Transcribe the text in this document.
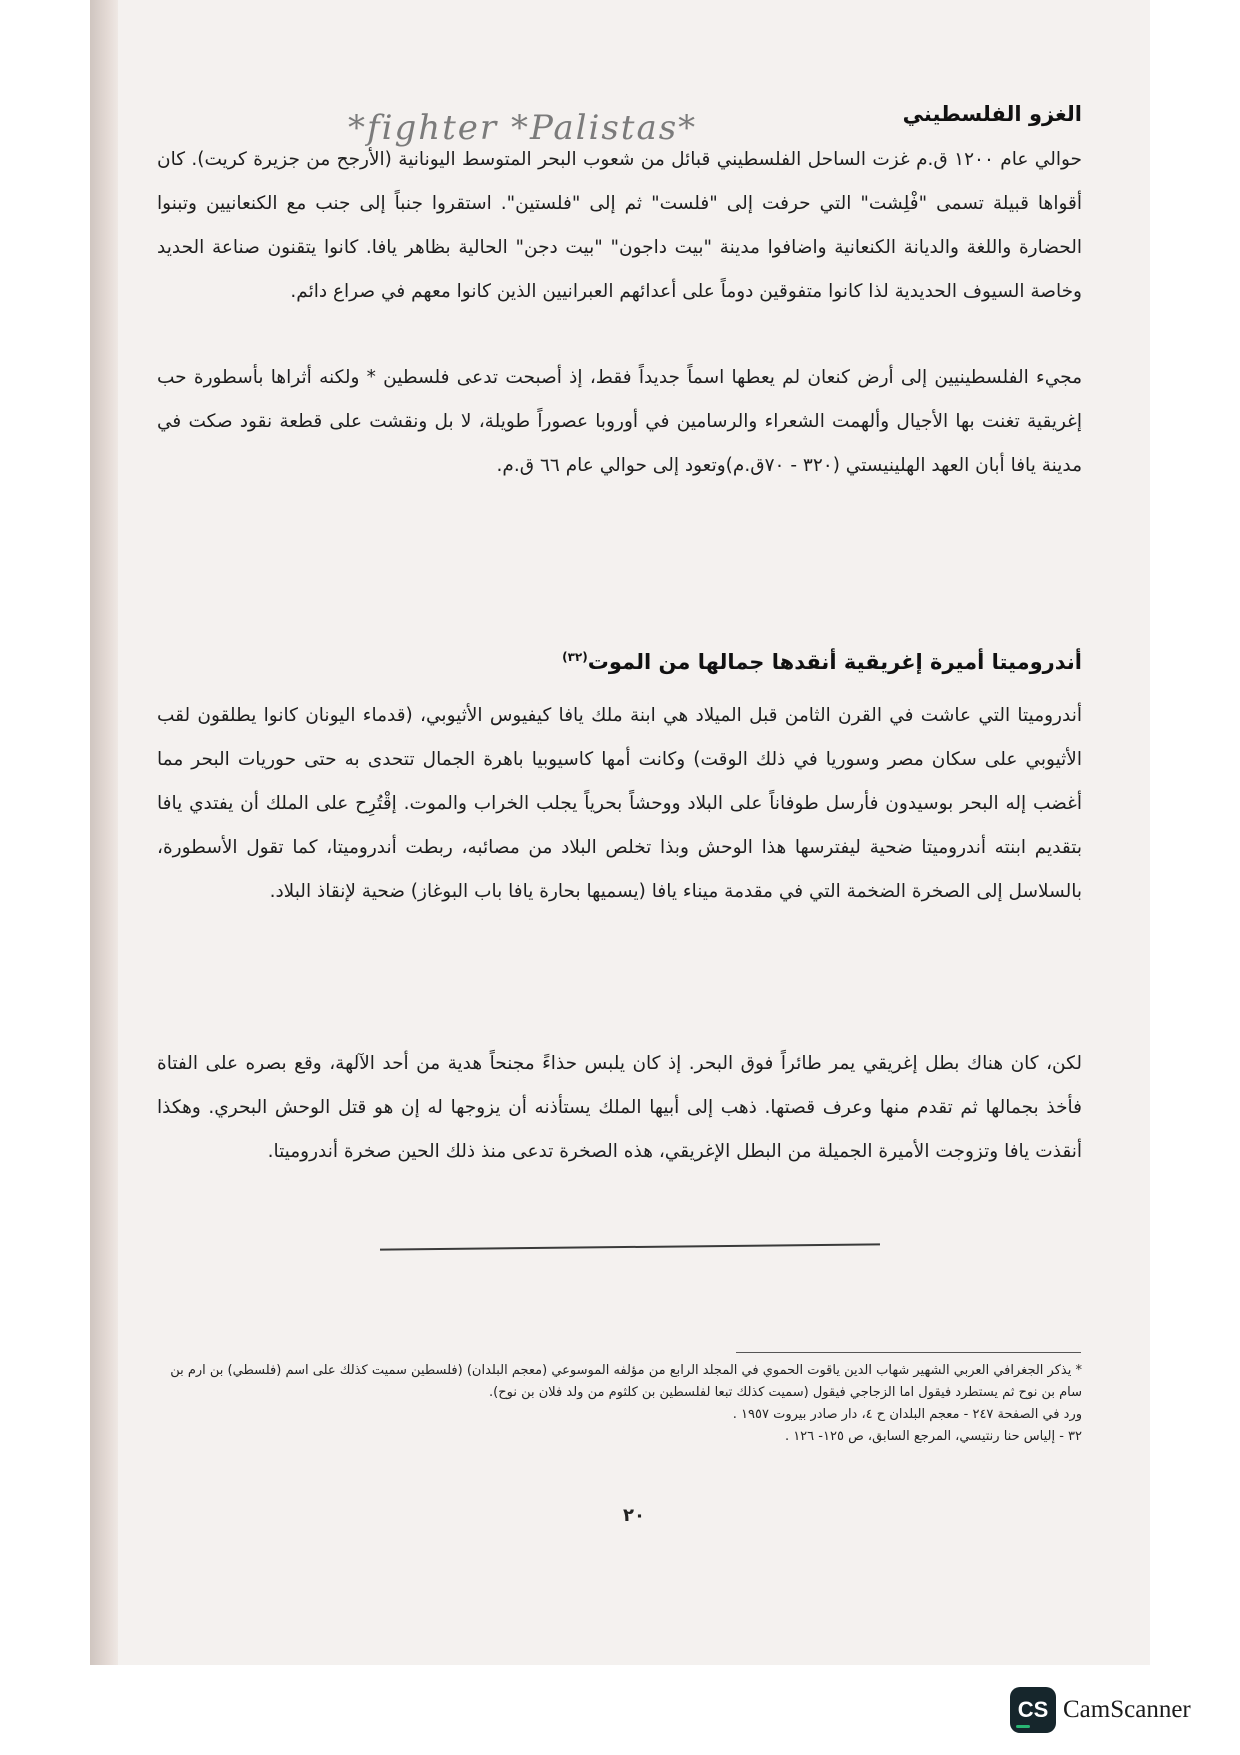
*fighter *Palistas*	الغزو الفلسطيني
حوالي عام ١٢٠٠ ق.م غزت الساحل الفلسطيني قبائل من شعوب البحر المتوسط اليونانية (الأرجح من جزيرة كريت). كان أقواها قبيلة تسمى "فْلِشت" التي حرفت إلى "فلست" ثم إلى "فلستين". استقروا جنباً إلى جنب مع الكنعانيين وتبنوا الحضارة واللغة والديانة الكنعانية واضافوا مدينة "بيت داجون" "بيت دجن" الحالية بظاهر يافا. كانوا يتقنون صناعة الحديد وخاصة السيوف الحديدية لذا كانوا متفوقين دوماً على أعدائهم العبرانيين الذين كانوا معهم في صراع دائم.
مجيء الفلسطينيين إلى أرض كنعان لم يعطها اسماً جديداً فقط، إذ أصبحت تدعى فلسطين * ولكنه أثراها بأسطورة حب إغريقية تغنت بها الأجيال وألهمت الشعراء والرسامين في أوروبا عصوراً طويلة، لا بل ونقشت على قطعة نقود صكت في مدينة يافا أبان العهد الهلينيستي (٣٢٠ - ٧٠ق.م)وتعود إلى حوالي عام ٦٦ ق.م.
أندروميتا أميرة إغريقية أنقدها جمالها من الموت$^{(٣٢)}$
أندروميتا التي عاشت في القرن الثامن قبل الميلاد هي ابنة ملك يافا كيفيوس الأثيوبي، (قدماء اليونان كانوا يطلقون لقب الأثيوبي على سكان مصر وسوريا في ذلك الوقت) وكانت أمها كاسيوبيا باهرة الجمال تتحدى به حتى حوريات البحر مما أغضب إله البحر بوسيدون فأرسل طوفاناً على البلاد ووحشاً بحرياً يجلب الخراب والموت. إقْتُرِح على الملك أن يفتدي يافا بتقديم ابنته أندروميتا ضحية ليفترسها هذا الوحش وبذا تخلص البلاد من مصائبه، ربطت أندروميتا، كما تقول الأسطورة، بالسلاسل إلى الصخرة الضخمة التي في مقدمة ميناء يافا (يسميها بحارة يافا باب البوغاز) ضحية لإنقاذ البلاد.
لكن، كان هناك بطل إغريقي يمر طائراً فوق البحر. إذ كان يلبس حذاءً مجنحاً هدية من أحد الآلهة، وقع بصره على الفتاة فأخذ بجمالها ثم تقدم منها وعرف قصتها. ذهب إلى أبيها الملك يستأذنه أن يزوجها له إن هو قتل الوحش البحري. وهكذا أنقذت يافا وتزوجت الأميرة الجميلة من البطل الإغريقي، هذه الصخرة تدعى منذ ذلك الحين صخرة أندروميتا.
* يذكر الجغرافي العربي الشهير شهاب الدين ياقوت الحموي في المجلد الرابع من مؤلفه الموسوعي (معجم البلدان) (فلسطين سميت كذلك على اسم (فلسطي) بن ارم بن سام بن نوح ثم يستطرد فيقول اما الزجاجي فيقول (سميت كذلك تبعا لفلسطين بن كلثوم من ولد فلان بن نوح).
ورد في الصفحة ٢٤٧ - معجم البلدان ح ٤، دار صادر بيروت ١٩٥٧ .
٣٢ - إلياس حنا رنتيسي، المرجع السابق، ص ١٢٥- ١٢٦ .
٢٠
CS CamScanner
